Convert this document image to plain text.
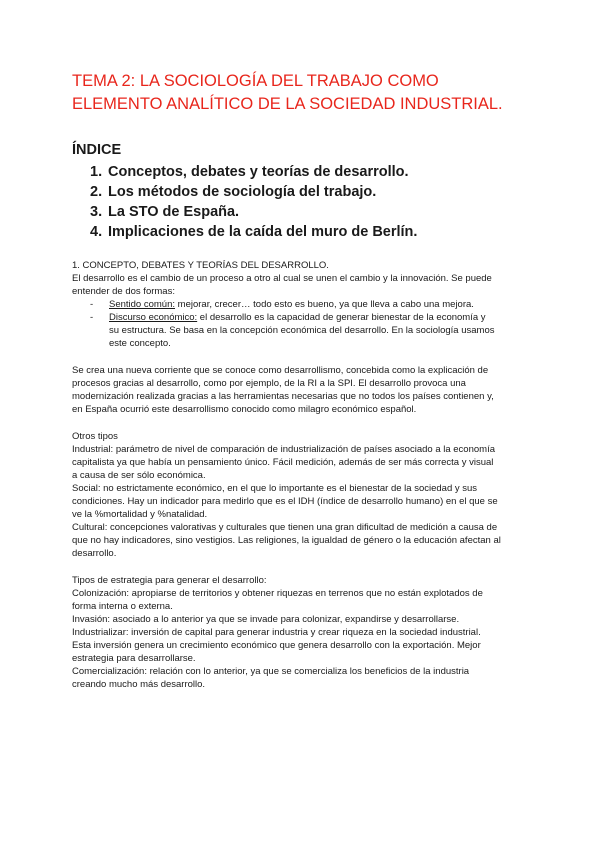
TEMA 2: LA SOCIOLOGÍA DEL TRABAJO COMO
ELEMENTO ANALÍTICO DE LA SOCIEDAD INDUSTRIAL.
ÍNDICE
1. Conceptos, debates y teorías de desarrollo.
2. Los métodos de sociología del trabajo.
3. La STO de España.
4. Implicaciones de la caída del muro de Berlín.
1. CONCEPTO, DEBATES Y TEORÍAS DEL DESARROLLO.

El desarrollo es el cambio de un proceso a otro al cual se unen el cambio y la innovación. Se puede
entender de dos formas:

-	Sentido común: mejorar, crecer… todo esto es bueno, ya que lleva a cabo una mejora.
-	Discurso económico: el desarrollo es la capacidad de generar bienestar de la economía y
su estructura. Se basa en la concepción económica del desarrollo. En la sociología usamos
este concepto.

Se crea una nueva corriente que se conoce como desarrollismo, concebida como la explicación de
procesos gracias al desarrollo, como por ejemplo, de la RI a la SPI. El desarrollo provoca una
modernización realizada gracias a las herramientas necesarias que no todos los países contienen y,
en España ocurrió este desarrollismo conocido como milagro económico español.

Otros tipos

Industrial: parámetro de nivel de comparación de industrialización de países asociado a la economía
capitalista ya que había un pensamiento único. Fácil medición, además de ser más correcta y visual
a causa de ser sólo económica.
Social: no estrictamente económico, en el que lo importante es el bienestar de la sociedad y sus
condiciones. Hay un indicador para medirlo que es el IDH (índice de desarrollo humano) en el que se
ve la %mortalidad y %natalidad.
Cultural: concepciones valorativas y culturales que tienen una gran dificultad de medición a causa de
que no hay indicadores, sino vestigios. Las religiones, la igualdad de género o la educación afectan al
desarrollo.

Tipos de estrategia para generar el desarrollo:

Colonización: apropiarse de territorios y obtener riquezas en terrenos que no están explotados de
forma interna o externa.
Invasión: asociado a lo anterior ya que se invade para colonizar, expandirse y desarrollarse.
Industrializar: inversión de capital para generar industria y crear riqueza en la sociedad industrial.
Esta inversión genera un crecimiento económico que genera desarrollo con la exportación. Mejor
estrategia para desarrollarse.
Comercialización: relación con lo anterior, ya que se comercializa los beneficios de la industria
creando mucho más desarrollo.
